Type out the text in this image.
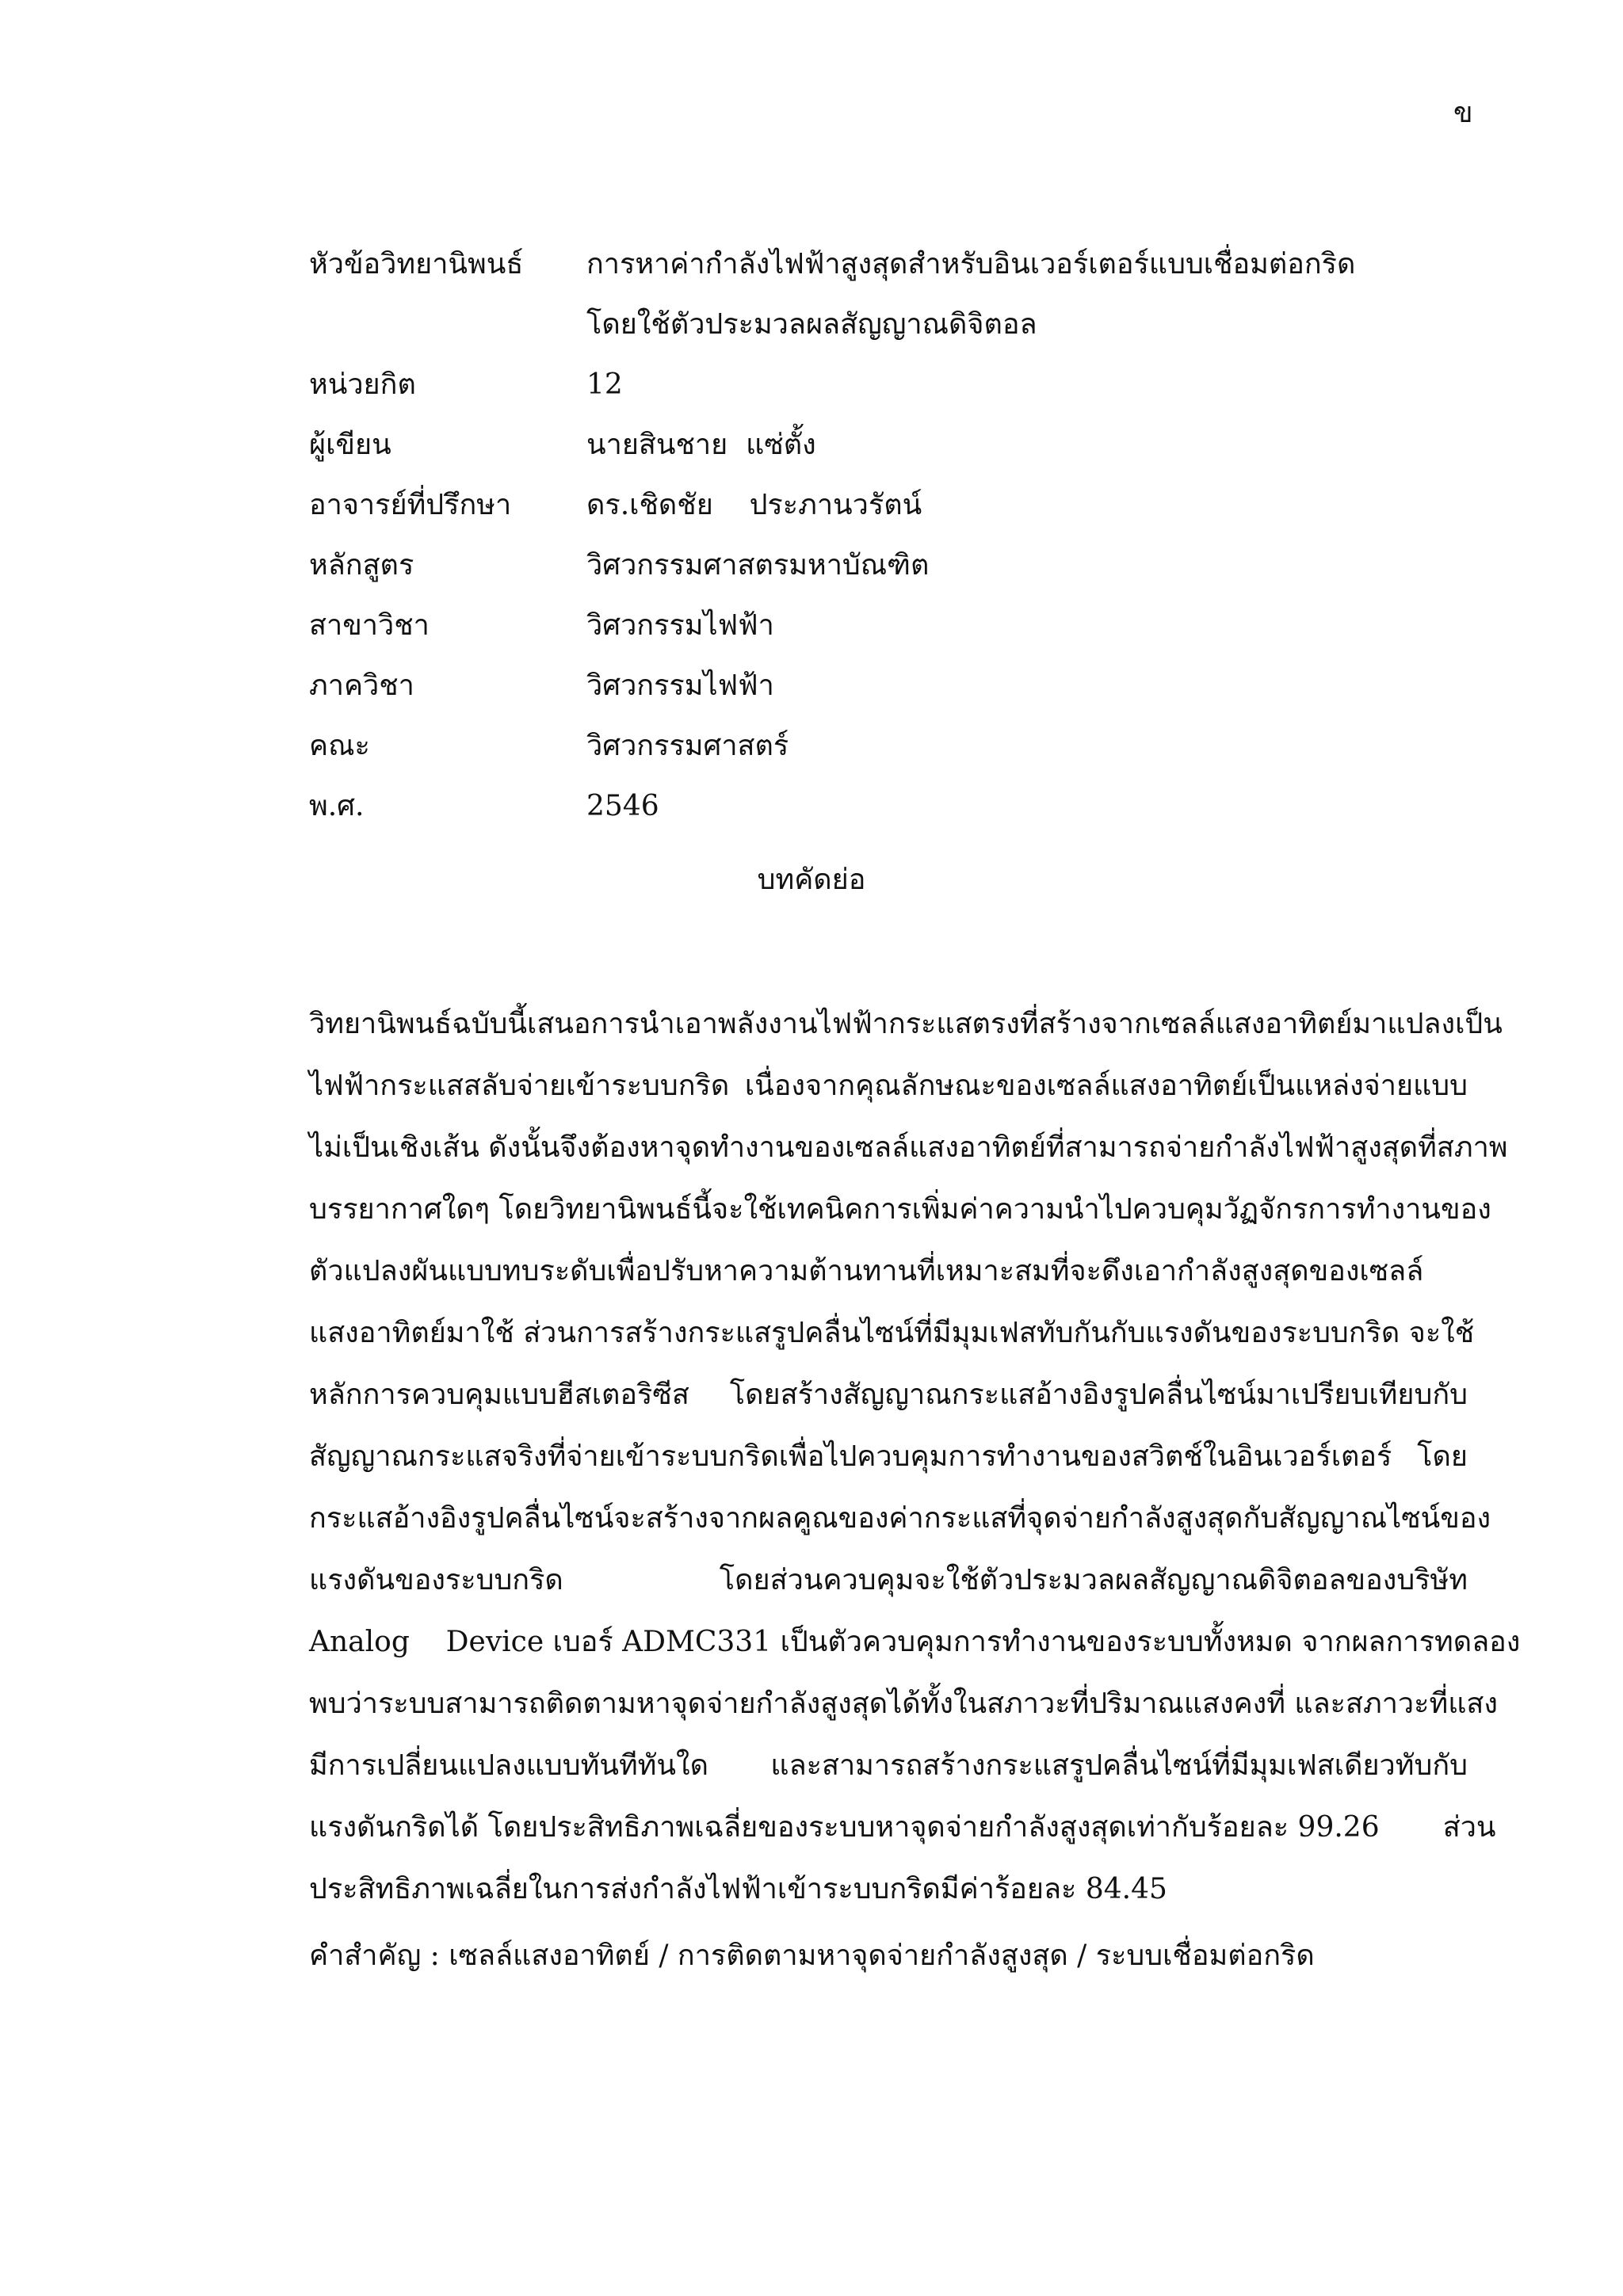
ข
หัวข้อวิทยานิพนธ์	การหาค่ากำลังไฟฟ้าสูงสุดสำหรับอินเวอร์เตอร์แบบเชื่อมต่อกริด
โดยใช้ตัวประมวลผลสัญญาณดิจิตอล
หน่วยกิต	12
ผู้เขียน	นายสินชาย  แซ่ตั้ง
อาจารย์ที่ปรึกษา	ดร.เชิดชัย    ประภานวรัตน์
หลักสูตร	วิศวกรรมศาสตรมหาบัณฑิต
สาขาวิชา	วิศวกรรมไฟฟ้า
ภาควิชา	วิศวกรรมไฟฟ้า
คณะ	วิศวกรรมศาสตร์
พ.ศ.	2546
บทคัดย่อ
วิทยานิพนธ์ฉบับนี้เสนอการนำเอาพลังงานไฟฟ้ากระแสตรงที่สร้างจากเซลล์แสงอาทิตย์มาแปลงเป็น
ไฟฟ้ากระแสสลับจ่ายเข้าระบบกริด เนื่องจากคุณลักษณะของเซลล์แสงอาทิตย์เป็นแหล่งจ่ายแบบ
ไม่เป็นเชิงเส้น ดังนั้นจึงต้องหาจุดทำงานของเซลล์แสงอาทิตย์ที่สามารถจ่ายกำลังไฟฟ้าสูงสุดที่สภาพ
บรรยากาศใดๆ โดยวิทยานิพนธ์นี้จะใช้เทคนิคการเพิ่มค่าความนำไปควบคุมวัฏจักรการทำงานของ
ตัวแปลงผันแบบทบระดับเพื่อปรับหาความต้านทานที่เหมาะสมที่จะดึงเอากำลังสูงสุดของเซลล์
แสงอาทิตย์มาใช้ ส่วนการสร้างกระแสรูปคลื่นไซน์ที่มีมุมเฟสทับกันกับแรงดันของระบบกริด จะใช้
หลักการควบคุมแบบฮีสเตอริซีส โดยสร้างสัญญาณกระแสอ้างอิงรูปคลื่นไซน์มาเปรียบเทียบกับ
สัญญาณกระแสจริงที่จ่ายเข้าระบบกริดเพื่อไปควบคุมการทำงานของสวิตช์ในอินเวอร์เตอร์ โดย
กระแสอ้างอิงรูปคลื่นไซน์จะสร้างจากผลคูณของค่ากระแสที่จุดจ่ายกำลังสูงสุดกับสัญญาณไซน์ของ
แรงดันของระบบกริด โดยส่วนควบคุมจะใช้ตัวประมวลผลสัญญาณดิจิตอลของบริษัท
Analog    Device เบอร์ ADMC331 เป็นตัวควบคุมการทำงานของระบบทั้งหมด จากผลการทดลอง
พบว่าระบบสามารถติดตามหาจุดจ่ายกำลังสูงสุดได้ทั้งในสภาวะที่ปริมาณแสงคงที่ และสภาวะที่แสง
มีการเปลี่ยนแปลงแบบทันทีทันใด และสามารถสร้างกระแสรูปคลื่นไซน์ที่มีมุมเฟสเดียวทับกับ
แรงดันกริดได้ โดยประสิทธิภาพเฉลี่ยของระบบหาจุดจ่ายกำลังสูงสุดเท่ากับร้อยละ 99.26       ส่วน
ประสิทธิภาพเฉลี่ยในการส่งกำลังไฟฟ้าเข้าระบบกริดมีค่าร้อยละ 84.45
คำสำคัญ : เซลล์แสงอาทิตย์ / การติดตามหาจุดจ่ายกำลังสูงสุด / ระบบเชื่อมต่อกริด
